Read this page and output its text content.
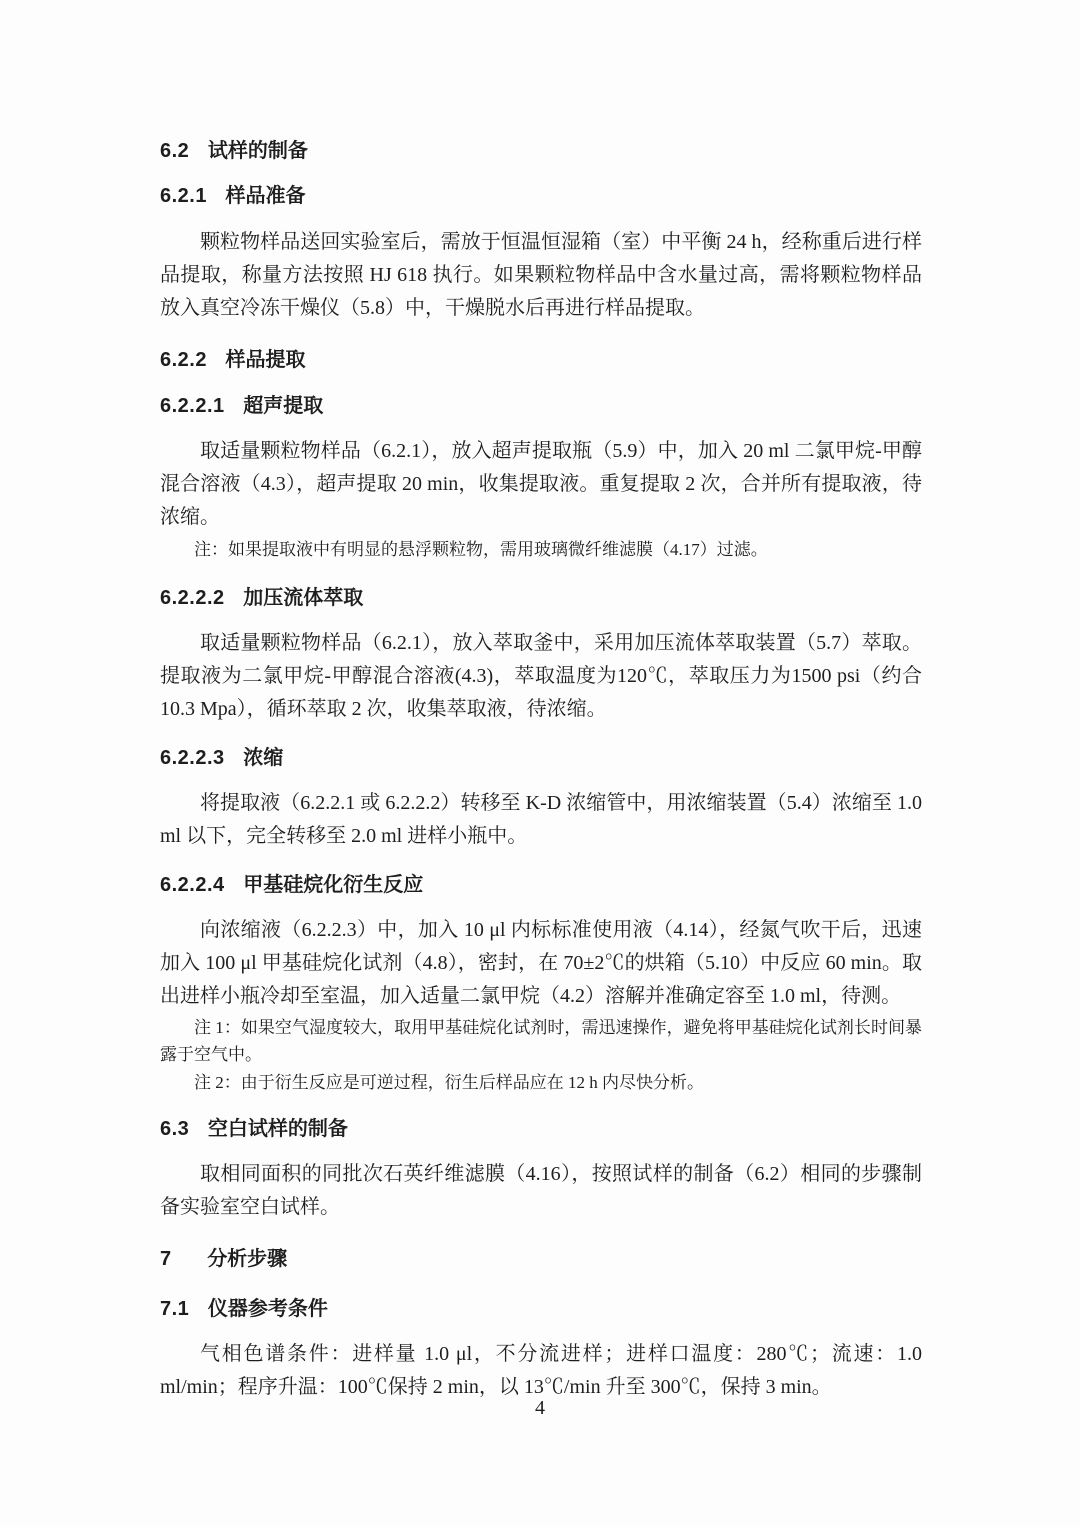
6.2 试样的制备
6.2.1 样品准备

颗粒物样品送回实验室后，需放于恒温恒湿箱（室）中平衡 24 h，经称重后进行样品提取，称量方法按照 HJ 618 执行。如果颗粒物样品中含水量过高，需将颗粒物样品放入真空冷冻干燥仪（5.8）中，干燥脱水后再进行样品提取。

6.2.2 样品提取
6.2.2.1 超声提取

取适量颗粒物样品（6.2.1），放入超声提取瓶（5.9）中，加入 20 ml 二氯甲烷-甲醇混合溶液（4.3），超声提取 20 min，收集提取液。重复提取 2 次，合并所有提取液，待浓缩。

注：如果提取液中有明显的悬浮颗粒物，需用玻璃微纤维滤膜（4.17）过滤。

6.2.2.2 加压流体萃取

取适量颗粒物样品（6.2.1），放入萃取釜中，采用加压流体萃取装置（5.7）萃取。提取液为二氯甲烷-甲醇混合溶液(4.3)，萃取温度为120℃，萃取压力为1500 psi（约合10.3 Mpa），循环萃取 2 次，收集萃取液，待浓缩。

6.2.2.3 浓缩

将提取液（6.2.2.1 或 6.2.2.2）转移至 K-D 浓缩管中，用浓缩装置（5.4）浓缩至 1.0 ml 以下，完全转移至 2.0 ml 进样小瓶中。

6.2.2.4 甲基硅烷化衍生反应

向浓缩液（6.2.2.3）中，加入 10 μl 内标标准使用液（4.14），经氮气吹干后，迅速加入 100 μl 甲基硅烷化试剂（4.8），密封，在 70±2℃的烘箱（5.10）中反应 60 min。取出进样小瓶冷却至室温，加入适量二氯甲烷（4.2）溶解并准确定容至 1.0 ml，待测。

注 1：如果空气湿度较大，取用甲基硅烷化试剂时，需迅速操作，避免将甲基硅烷化试剂长时间暴露于空气中。

注 2：由于衍生反应是可逆过程，衍生后样品应在 12 h 内尽快分析。

6.3 空白试样的制备

取相同面积的同批次石英纤维滤膜（4.16），按照试样的制备（6.2）相同的步骤制备实验室空白试样。

7 分析步骤
7.1 仪器参考条件

气相色谱条件：进样量 1.0 μl，不分流进样；进样口温度：280℃；流速：1.0 ml/min；程序升温：100℃保持 2 min，以 13℃/min 升至 300℃，保持 3 min。

4
